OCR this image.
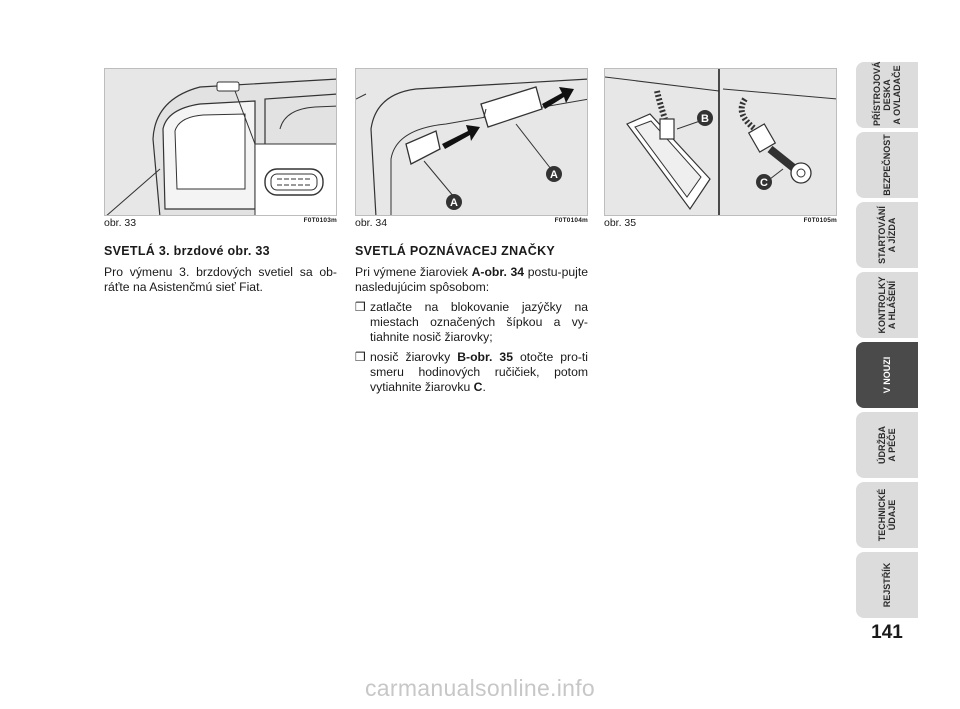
obr. 33	F0T0103m
A
A
obr. 34	F0T0104m
B
C
obr. 35	F0T0105m
SVETLÁ 3. brzdové obr. 33

Pro výmenu 3. brzdových svetiel sa ob-ráťte na Asistenčmú sieť Fiat.

SVETLÁ POZNÁVACEJ ZNAČKY

Pri výmene žiaroviek A-obr. 34 postu-pujte nasledujúcim spôsobom:

❒ zatlačte na blokovanie jazýčky na miestach označených šípkou a vy-tiahnite nosič žiarovky;
❒ nosič žiarovky B-obr. 35 otočte pro-ti smeru hodinových ručičiek, potom vytiahnite žiarovku C.
PŘÍSTROJOVÁ
DESKA
A OVLADAČE
BEZPEČNOST
STARTOVÁNÍ
A JÍZDA
KONTROLKY
A HLÁŠENÍ
V NOUZI
ÚDRŽBA
A PÉČE
TECHNICKÉ
ÚDAJE
REJSTŘÍK
141
carmanualsonline.info
